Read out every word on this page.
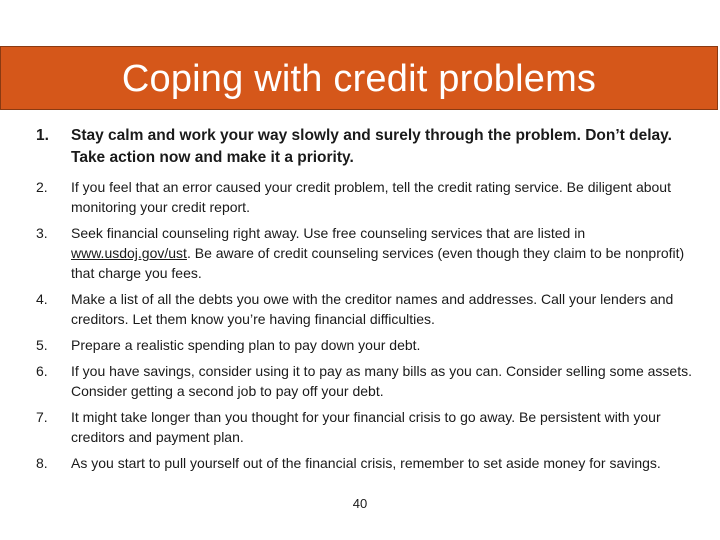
Coping with credit problems
1.	Stay calm and work your way slowly and surely through the problem. Don’t delay. Take action now and make it a priority.
2.	If you feel that an error caused your credit problem, tell the credit rating service. Be diligent about monitoring your credit report.
3.	Seek financial counseling right away. Use free counseling services that are listed in www.usdoj.gov/ust. Be aware of credit counseling services (even though they claim to be nonprofit) that charge you fees.
4.	Make a list of all the debts you owe with the creditor names and addresses. Call your lenders and creditors. Let them know you’re having financial difficulties.
5.	Prepare a realistic spending plan to pay down your debt.
6.	If you have savings, consider using it to pay as many bills as you can. Consider selling some assets. Consider getting a second job to pay off your debt.
7.	It might take longer than you thought for your financial crisis to go away. Be persistent with your creditors and payment plan.
8.	As you start to pull yourself out of the financial crisis, remember to set aside money for savings.
40
